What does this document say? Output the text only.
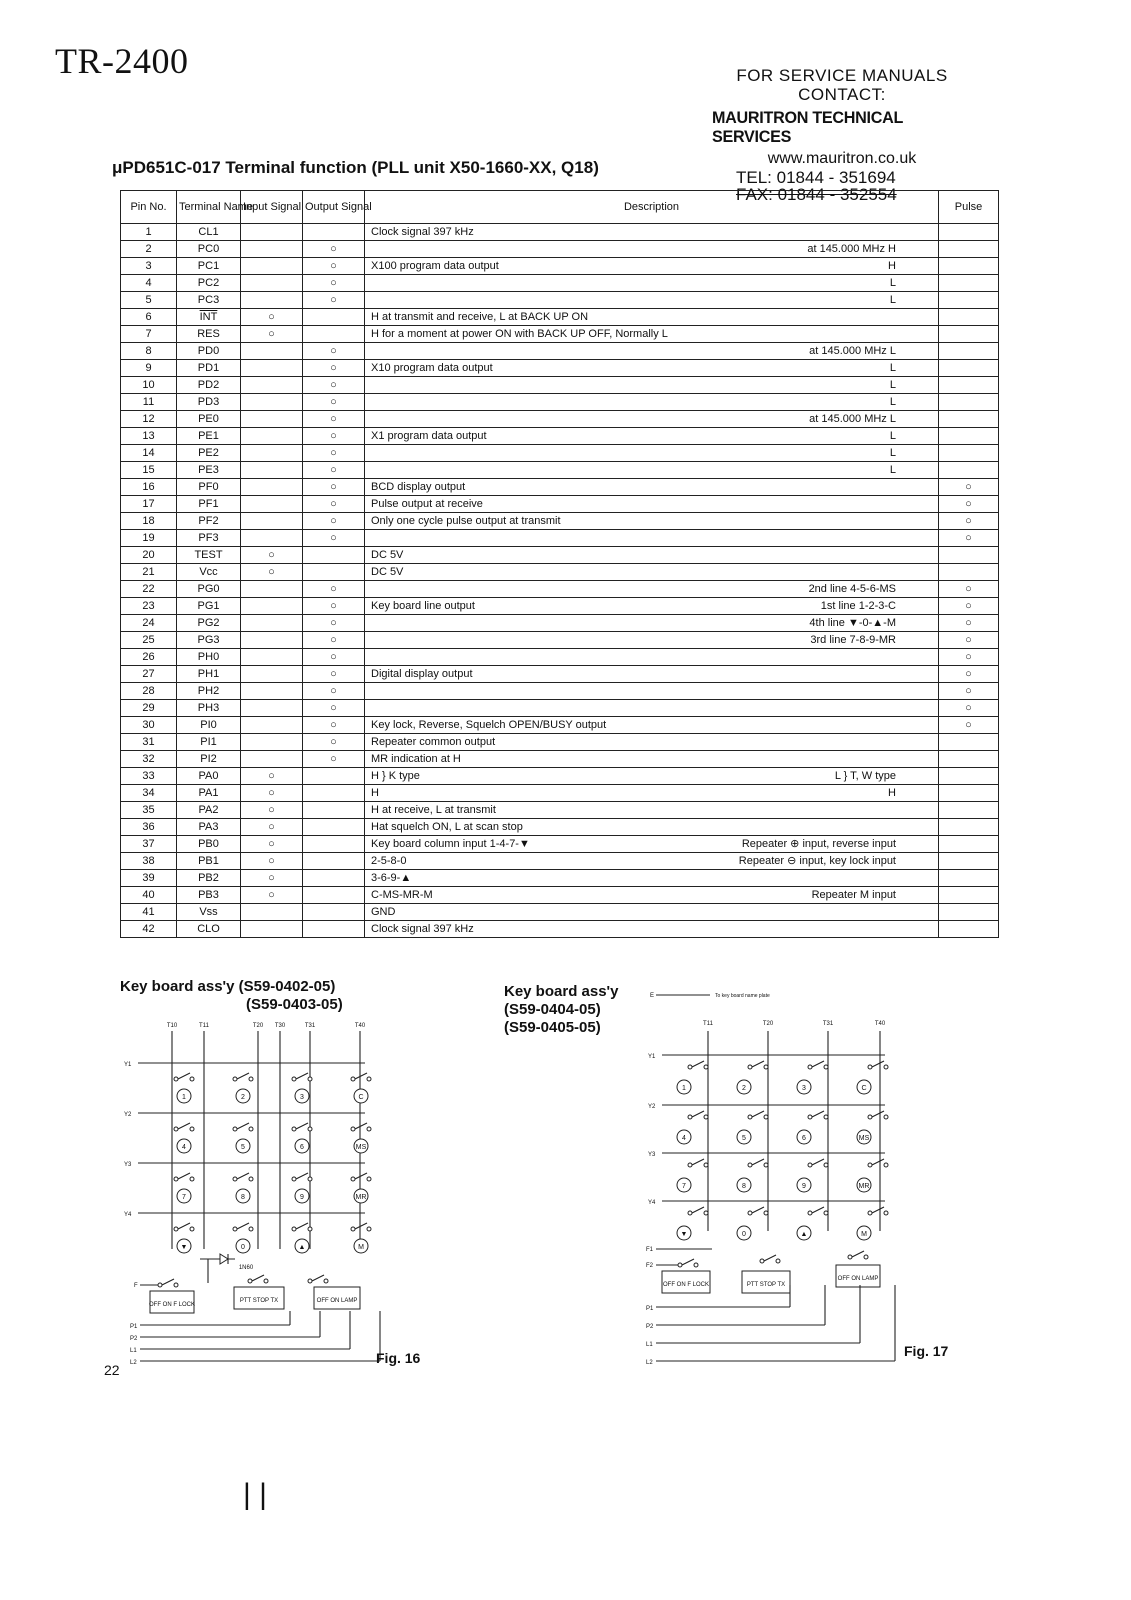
TR-2400	FOR SERVICE MANUALS
CONTACT:
MAURITRON TECHNICAL SERVICES
www.mauritron.co.uk
TEL: 01844 - 351694
FAX: 01844 - 352554
μPD651C-017 Terminal function (PLL unit X50-1660-XX, Q18)
Pin No.	Terminal Name	Input Signal	Output Signal	Description	Pulse
1	CL1			Clock signal 397 kHz

2	PC0		○	at 145.000 MHz H	

3	PC1		○	X100 program data output H	

4	PC2		○	L	

5	PC3		○	L	

6	$\overline{INT}$	○		H at transmit and receive, L at BACK UP ON

7	RES	○		H for a moment at power ON with BACK UP OFF, Normally L

8	PD0		○	at 145.000 MHz L	

9	PD1		○	X10 program data output L	

10	PD2		○	L	

11	PD3		○	L	

12	PE0		○	at 145.000 MHz L	

13	PE1		○	X1 program data output L	

14	PE2		○	L	

15	PE3		○	L	

16	PF0		○	BCD display output	○
17	PF1		○	Pulse output at receive	○
18	PF2		○	Only one cycle pulse output at transmit	○
19	PF3		○		○
20	TEST	○		DC 5V

21	Vcc	○		DC 5V

22	PG0		○	2nd line 4-5-6-MS	○
23	PG1		○	Key board line output 1st line 1-2-3-C	○
24	PG2		○	4th line ▼-0-▲-M	○
25	PG3		○	3rd line 7-8-9-MR	○
26	PH0		○		○
27	PH1		○	Digital display output	○
28	PH2		○		○
29	PH3		○		○
30	PI0		○	Key lock, Reverse, Squelch OPEN/BUSY output	○
31	PI1		○	Repeater common output

32	PI2		○	MR indication at H

33	PA0	○		H } K type L } T, W type	

34	PA1	○		H H	

35	PA2	○		H at receive, L at transmit

36	PA3	○		Hat squelch ON, L at scan stop

37	PB0	○		Key board column input 1-4-7-▼ Repeater ⊕ input, reverse input	

38	PB1	○		2-5-8-0 Repeater ⊖ input, key lock input	

39	PB2	○		3-6-9-▲

40	PB3	○		C-MS-MR-M Repeater M input	

41	Vss			GND

42	CLO			Clock signal 397 kHz

Key board ass'y (S59-0402-05)
(S59-0403-05)
T10	T11	T20 T30	T31	T40
Y1
Y2
Y3
Y4
1	2	3	C
4	5	6	MS
7	8	9	MR
▼	0	▲	M
1N60
F
OFF ON F LOCK
PTT STOP TX	OFF ON LAMP
P1
P2
L1
L2	Fig. 16
22
Key board ass'y
(S59-0404-05)
(S59-0405-05)
E	To key board name plate
T11	T20	T31	T40
Y1
Y2
Y3
Y4
1	2	3	C
4	5	6	MS
7	8	9	MR
▼	0	▲	M
F1
F2
OFF ON F LOCK	PTT STOP TX
OFF ON LAMP
P1
P2
L1
L2
Fig. 17
| |
